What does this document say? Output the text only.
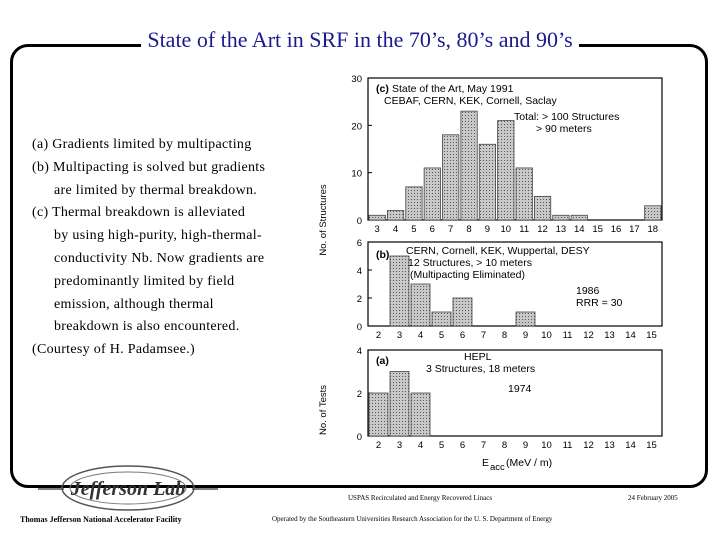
State of the Art in SRF in the 70’s, 80’s and 90’s
(a) Gradients limited by multipacting
(b) Multipacting is solved but gradients
are limited by thermal breakdown.
(c) Thermal breakdown is alleviated
by using high-purity, high-thermal-
conductivity Nb. Now gradients are
predominantly limited by field
emission, although thermal
breakdown is also encountered.
(Courtesy of H. Padamsee.)
0
10
20
30
3 4 5 6 7 8 9 10 11 12 13 14 15 16 17 18
(c) State of the Art, May 1991
CEBAF, CERN, KEK, Cornell, Saclay
Total: > 100 Structures
> 90 meters
No. of Structures
0
2
4
6
2 3 4 5 6 7 8 9 10 11 12 13 14 15
(b) CERN, Cornell, KEK, Wuppertal, DESY
12 Structures, > 10 meters
(Multipacting Eliminated)
1986
RRR = 30
0
2
4
2 3 4 5 6 7 8 9 10 11 12 13 14 15
(a)	HEPL
3 Structures, 18 meters
1974
No. of Tests
E acc (MeV / m)
Jefferson Lab
Thomas Jefferson National Accelerator Facility
USPAS Recirculated and Energy Recovered Linacs
Operated by the Southeastern Universities Research Association for the U. S. Department of Energy
24 February 2005
